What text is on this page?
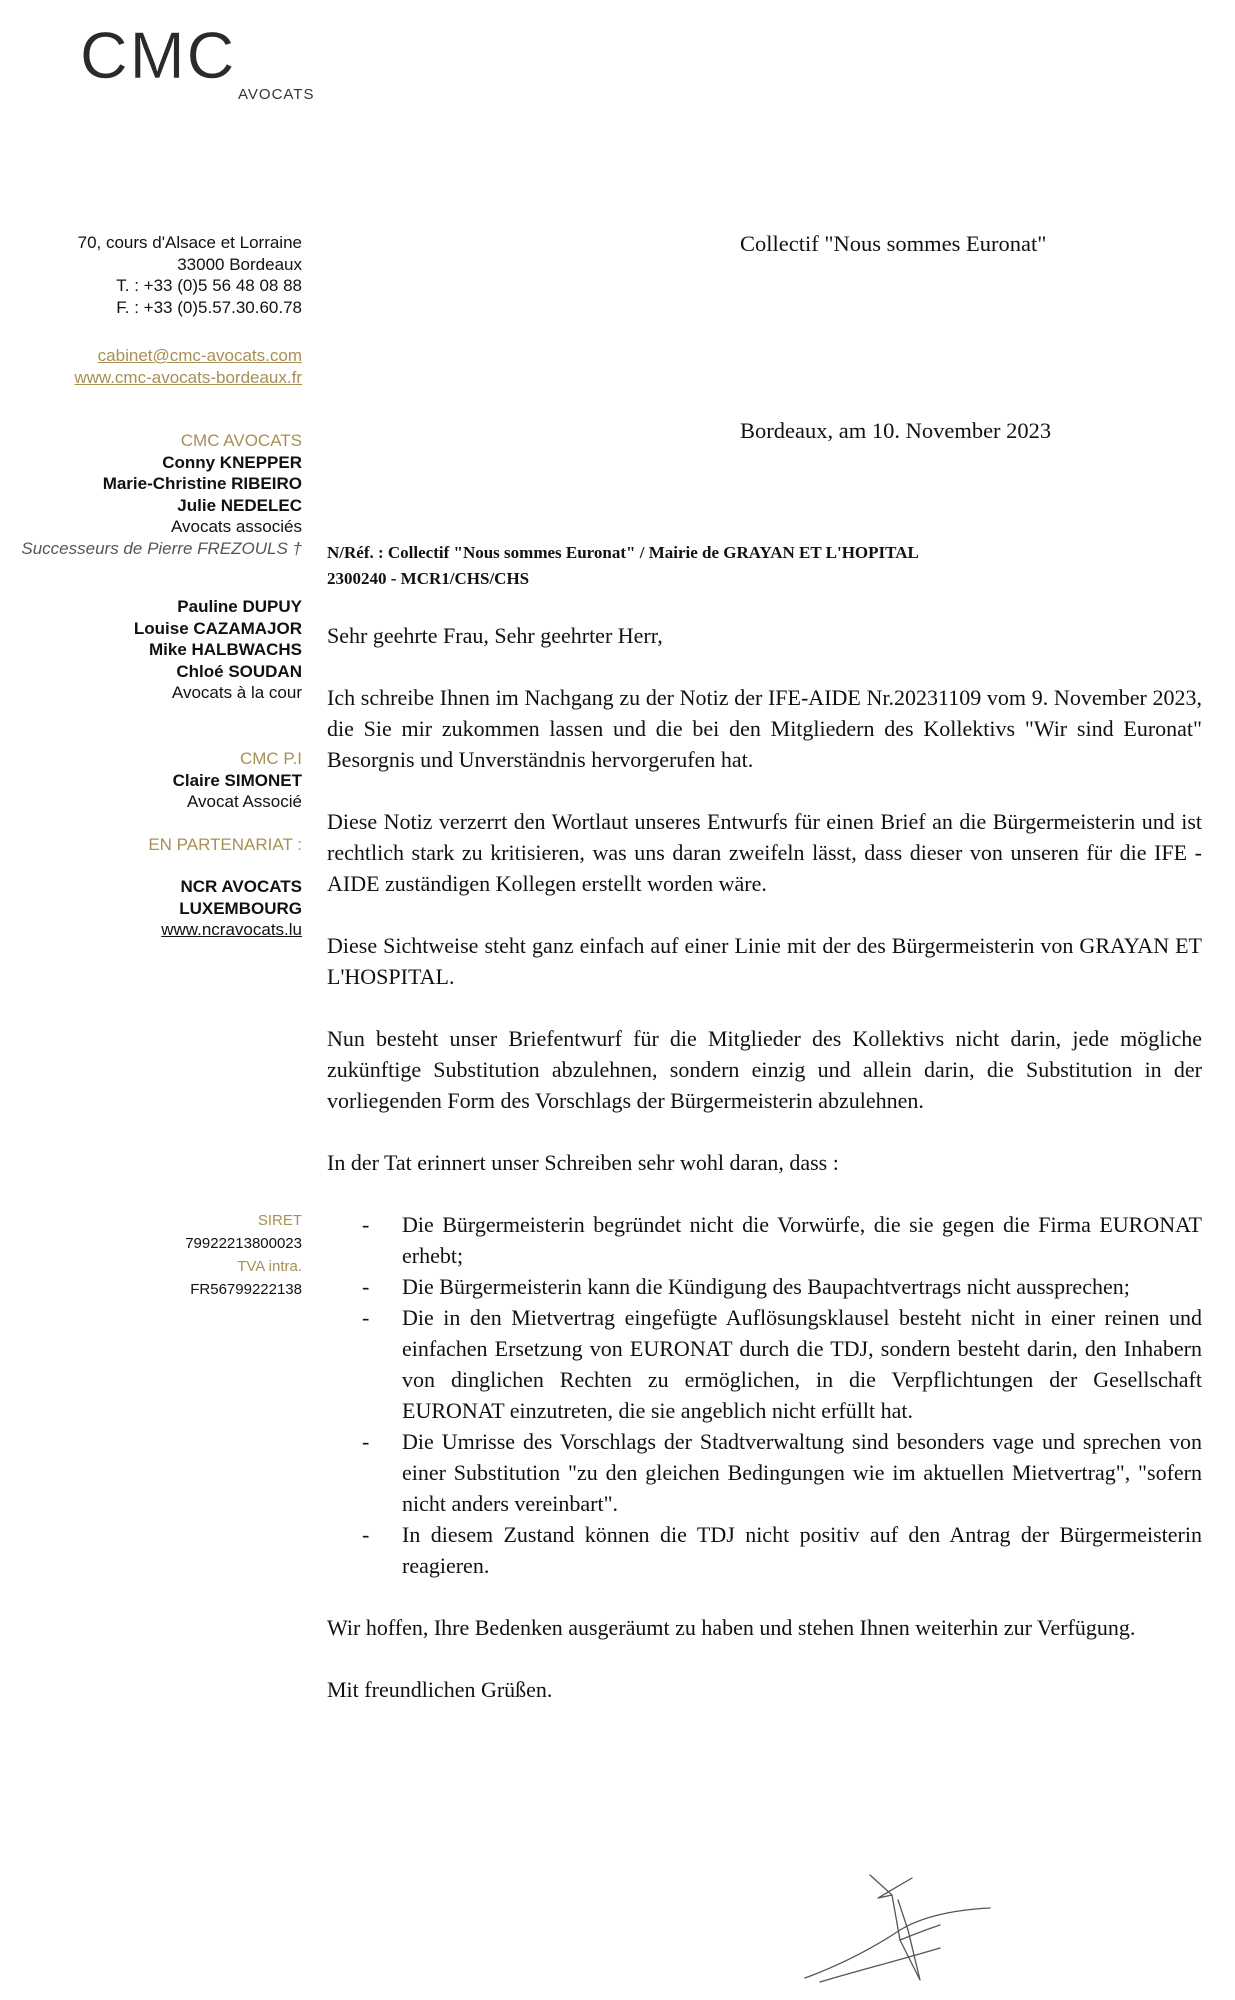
CMC
AVOCATS
70, cours d'Alsace et Lorraine
33000 Bordeaux
T. : +33 (0)5 56 48 08 88
F. : +33 (0)5.57.30.60.78
cabinet@cmc-avocats.com
www.cmc-avocats-bordeaux.fr
CMC AVOCATS
Conny KNEPPER
Marie-Christine RIBEIRO
Julie NEDELEC
Avocats associés
Successeurs de Pierre FREZOULS †
Pauline DUPUY
Louise CAZAMAJOR
Mike HALBWACHS
Chloé SOUDAN
Avocats à la cour
CMC P.I
Claire SIMONET
Avocat Associé
EN PARTENARIAT :
NCR AVOCATS
LUXEMBOURG
www.ncravocats.lu
SIRET
79922213800023
TVA intra.
FR56799222138
Collectif "Nous sommes Euronat"
Bordeaux, am 10. November 2023
N/Réf. : Collectif "Nous sommes Euronat" / Mairie de GRAYAN ET L'HOPITAL
2300240 - MCR1/CHS/CHS

Sehr geehrte Frau, Sehr geehrter Herr,

Ich schreibe Ihnen im Nachgang zu der Notiz der IFE-AIDE Nr.20231109 vom 9. November 2023, die Sie mir zukommen lassen und die bei den Mitgliedern des Kollektivs "Wir sind Euronat" Besorgnis und Unverständnis hervorgerufen hat.

Diese Notiz verzerrt den Wortlaut unseres Entwurfs für einen Brief an die Bürgermeisterin und ist rechtlich stark zu kritisieren, was uns daran zweifeln lässt, dass dieser von unseren für die IFE - AIDE zuständigen Kollegen erstellt worden wäre.

Diese Sichtweise steht ganz einfach auf einer Linie mit der des Bürgermeisterin von GRAYAN ET L'HOSPITAL.

Nun besteht unser Briefentwurf für die Mitglieder des Kollektivs nicht darin, jede mögliche zukünftige Substitution abzulehnen, sondern einzig und allein darin, die Substitution in der vorliegenden Form des Vorschlags der Bürgermeisterin abzulehnen.

In der Tat erinnert unser Schreiben sehr wohl daran, dass :

- Die Bürgermeisterin begründet nicht die Vorwürfe, die sie gegen die Firma EURONAT erhebt;
- Die Bürgermeisterin kann die Kündigung des Baupachtvertrags nicht aussprechen;
- Die in den Mietvertrag eingefügte Auflösungsklausel besteht nicht in einer reinen und einfachen Ersetzung von EURONAT durch die TDJ, sondern besteht darin, den Inhabern von dinglichen Rechten zu ermöglichen, in die Verpflichtungen der Gesellschaft EURONAT einzutreten, die sie angeblich nicht erfüllt hat.
- Die Umrisse des Vorschlags der Stadtverwaltung sind besonders vage und sprechen von einer Substitution "zu den gleichen Bedingungen wie im aktuellen Mietvertrag", "sofern nicht anders vereinbart".
- In diesem Zustand können die TDJ nicht positiv auf den Antrag der Bürgermeisterin reagieren.

Wir hoffen, Ihre Bedenken ausgeräumt zu haben und stehen Ihnen weiterhin zur Verfügung.

Mit freundlichen Grüßen.
